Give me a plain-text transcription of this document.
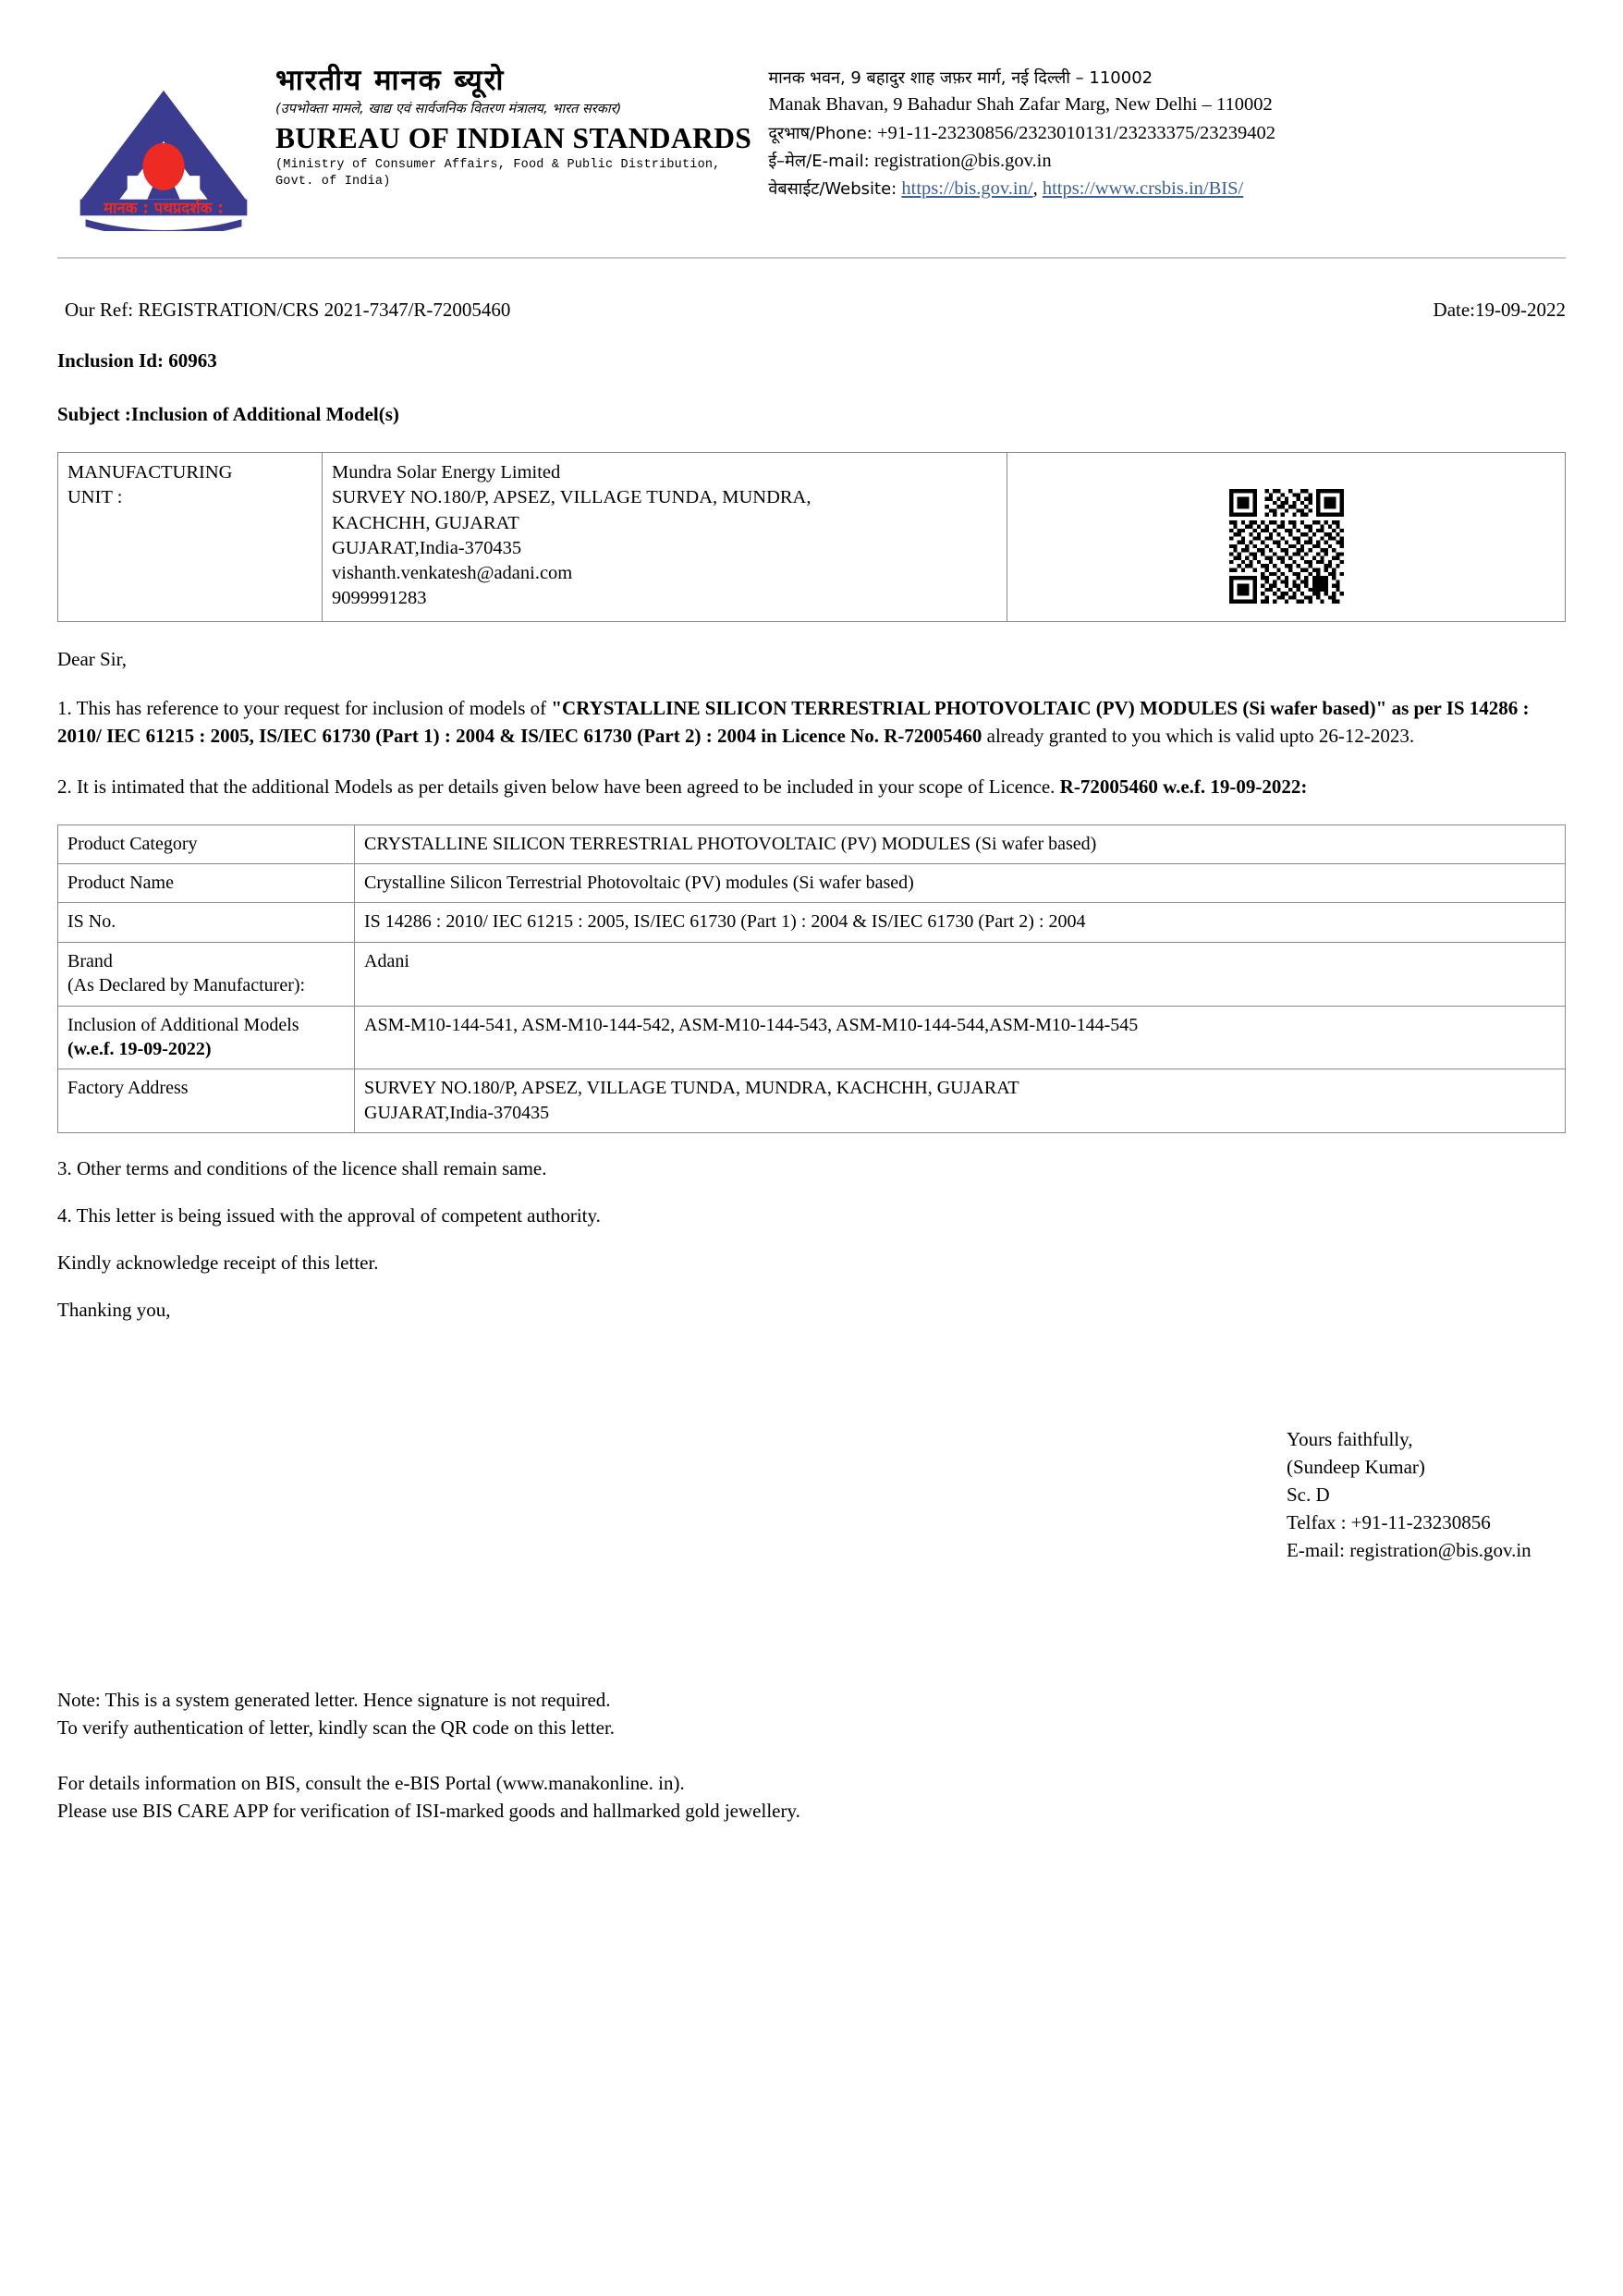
मानक : पथप्रदर्शक :
भारतीय मानक ब्यूरो
(उपभोक्ता मामले, खाद्य एवं सार्वजनिक वितरण मंत्रालय, भारत सरकार)
BUREAU OF INDIAN STANDARDS
(Ministry of Consumer Affairs, Food & Public Distribution,
Govt. of India)
मानक भवन, 9 बहादुर शाह जफ़र मार्ग, नई दिल्ली – 110002
Manak Bhavan, 9 Bahadur Shah Zafar Marg, New Delhi – 110002
दूरभाष/Phone: +91-11-23230856/2323010131/23233375/23239402
ई–मेल/E-mail: registration@bis.gov.in
वेबसाईट/Website: https://bis.gov.in/, https://www.crsbis.in/BIS/
Our Ref: REGISTRATION/CRS 2021-7347/R-72005460	Date:19-09-2022
Inclusion Id: 60963
Subject :Inclusion of Additional Model(s)
MANUFACTURING
UNIT :

Mundra Solar Energy Limited
SURVEY NO.180/P, APSEZ, VILLAGE TUNDA, MUNDRA,
KACHCHH, GUJARAT
GUJARAT,India-370435
vishanth.venkatesh@adani.com
9099991283

Dear Sir,

1. This has reference to your request for inclusion of models of "CRYSTALLINE SILICON TERRESTRIAL PHOTOVOLTAIC (PV) MODULES (Si wafer based)" as per IS 14286 : 2010/ IEC 61215 : 2005, IS/IEC 61730 (Part 1) : 2004 & IS/IEC 61730 (Part 2) : 2004 in Licence No. R-72005460 already granted to you which is valid upto 26-12-2023.

2. It is intimated that the additional Models as per details given below have been agreed to be included in your scope of Licence. R-72005460 w.e.f. 19-09-2022:

Product Category	CRYSTALLINE SILICON TERRESTRIAL PHOTOVOLTAIC (PV) MODULES (Si wafer based)
Product Name	Crystalline Silicon Terrestrial Photovoltaic (PV) modules (Si wafer based)
IS No.	IS 14286 : 2010/ IEC 61215 : 2005, IS/IEC 61730 (Part 1) : 2004 & IS/IEC 61730 (Part 2) : 2004

Brand
(As Declared by Manufacturer):	Adani

Inclusion of Additional Models
(w.e.f. 19-09-2022)	ASM-M10-144-541, ASM-M10-144-542, ASM-M10-144-543, ASM-M10-144-544,ASM-M10-144-545
Factory Address	SURVEY NO.180/P, APSEZ, VILLAGE TUNDA, MUNDRA, KACHCHH, GUJARAT
GUJARAT,India-370435
3. Other terms and conditions of the licence shall remain same.
4. This letter is being issued with the approval of competent authority.
Kindly acknowledge receipt of this letter.
Thanking you,
Yours faithfully,
(Sundeep Kumar)
Sc. D
Telfax : +91-11-23230856
E-mail: registration@bis.gov.in
Note: This is a system generated letter. Hence signature is not required.
To verify authentication of letter, kindly scan the QR code on this letter.
For details information on BIS, consult the e-BIS Portal (www.manakonline. in).
Please use BIS CARE APP for verification of ISI-marked goods and hallmarked gold jewellery.
